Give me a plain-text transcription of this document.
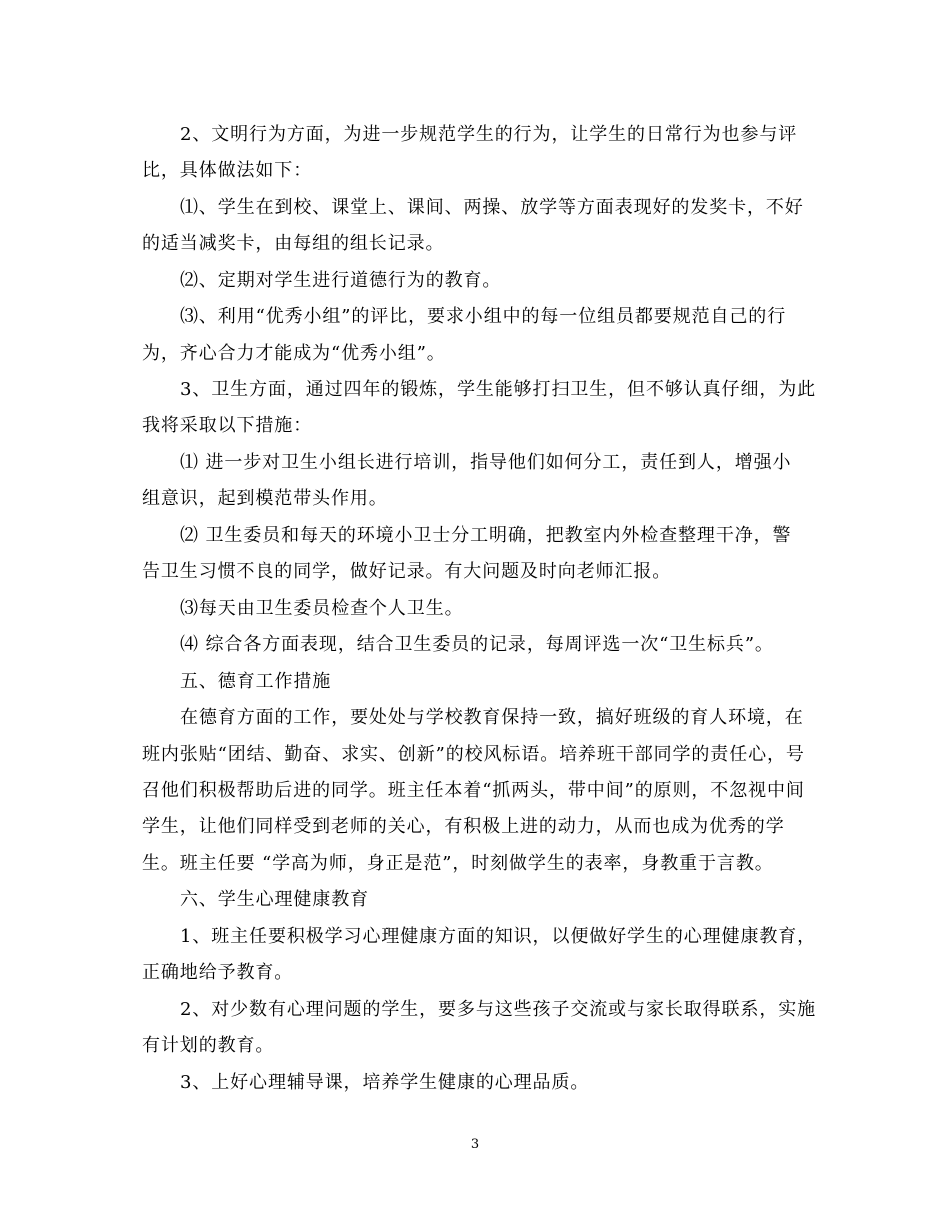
2、文明行为方面，为进一步规范学生的行为，让学生的日常行为也参与评
比，具体做法如下：
⑴、学生在到校、课堂上、课间、两操、放学等方面表现好的发奖卡，不好
的适当减奖卡，由每组的组长记录。
⑵、定期对学生进行道德行为的教育。
⑶、利用“优秀小组”的评比，要求小组中的每一位组员都要规范自己的行
为，齐心合力才能成为“优秀小组”。
3、卫生方面，通过四年的锻炼，学生能够打扫卫生，但不够认真仔细，为此
我将采取以下措施：
⑴ 进一步对卫生小组长进行培训，指导他们如何分工，责任到人，增强小
组意识，起到模范带头作用。
⑵ 卫生委员和每天的环境小卫士分工明确，把教室内外检查整理干净，警
告卫生习惯不良的同学，做好记录。有大问题及时向老师汇报。
⑶每天由卫生委员检查个人卫生。
⑷ 综合各方面表现，结合卫生委员的记录，每周评选一次“卫生标兵”。
五、德育工作措施
在德育方面的工作，要处处与学校教育保持一致，搞好班级的育人环境，在
班内张贴“团结、勤奋、求实、创新”的校风标语。培养班干部同学的责任心，号
召他们积极帮助后进的同学。班主任本着“抓两头，带中间”的原则，不忽视中间
学生，让他们同样受到老师的关心，有积极上进的动力，从而也成为优秀的学
生。班主任要 “学高为师，身正是范”，时刻做学生的表率，身教重于言教。
六、学生心理健康教育
1、班主任要积极学习心理健康方面的知识，以便做好学生的心理健康教育，
正确地给予教育。
2、对少数有心理问题的学生，要多与这些孩子交流或与家长取得联系，实施
有计划的教育。
3、上好心理辅导课，培养学生健康的心理品质。
3
